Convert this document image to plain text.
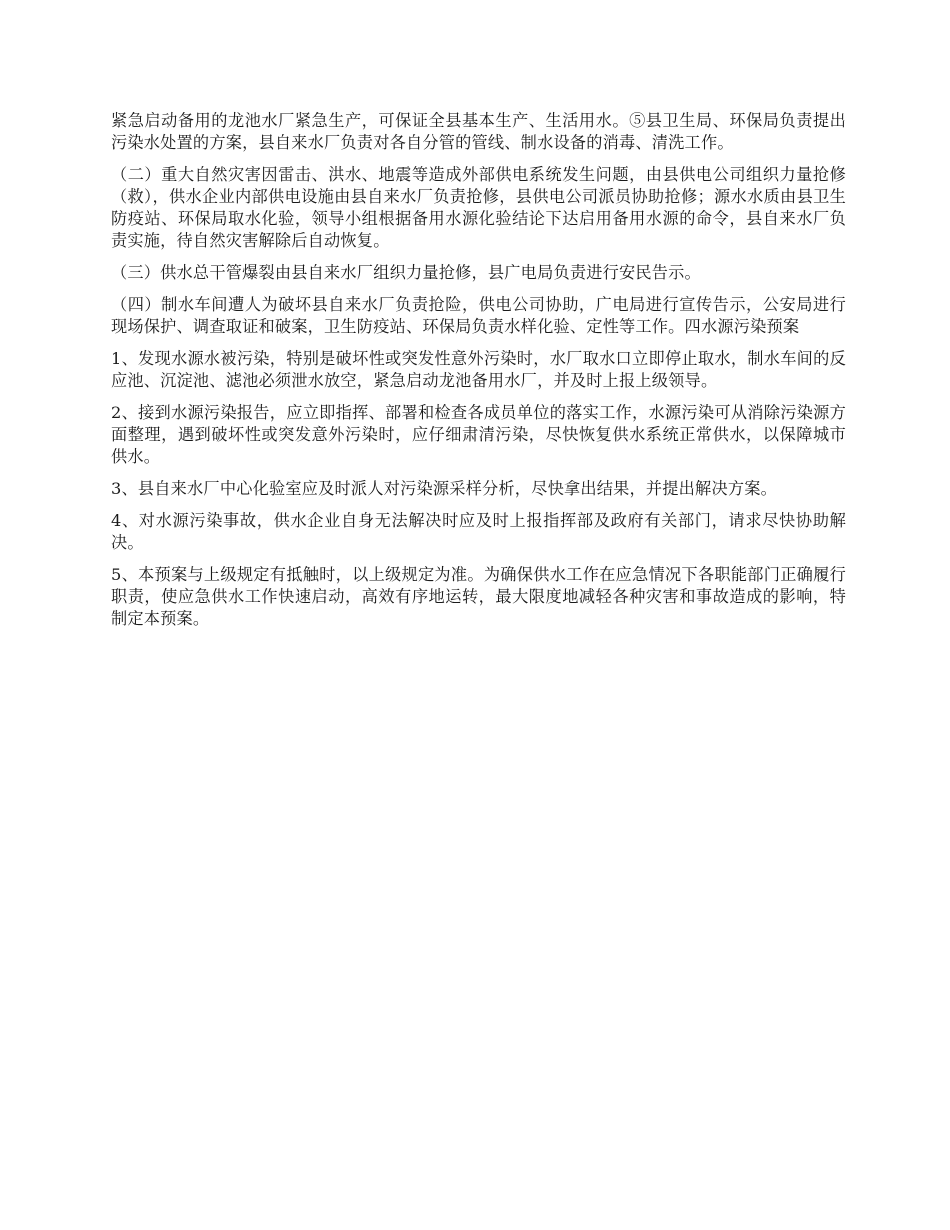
紧急启动备用的龙池水厂紧急生产，可保证全县基本生产、生活用水。⑤县卫生局、环保局负责提出污染水处置的方案，县自来水厂负责对各自分管的管线、制水设备的消毒、清洗工作。

（二）重大自然灾害因雷击、洪水、地震等造成外部供电系统发生问题，由县供电公司组织力量抢修（救），供水企业内部供电设施由县自来水厂负责抢修，县供电公司派员协助抢修；源水水质由县卫生防疫站、环保局取水化验，领导小组根据备用水源化验结论下达启用备用水源的命令，县自来水厂负责实施，待自然灾害解除后自动恢复。

（三）供水总干管爆裂由县自来水厂组织力量抢修，县广电局负责进行安民告示。

（四）制水车间遭人为破坏县自来水厂负责抢险，供电公司协助，广电局进行宣传告示，公安局进行现场保护、调查取证和破案，卫生防疫站、环保局负责水样化验、定性等工作。四水源污染预案

1、发现水源水被污染，特别是破坏性或突发性意外污染时，水厂取水口立即停止取水，制水车间的反应池、沉淀池、滤池必须泄水放空，紧急启动龙池备用水厂，并及时上报上级领导。

2、接到水源污染报告，应立即指挥、部署和检查各成员单位的落实工作，水源污染可从消除污染源方面整理，遇到破坏性或突发意外污染时，应仔细肃清污染，尽快恢复供水系统正常供水，以保障城市供水。

3、县自来水厂中心化验室应及时派人对污染源采样分析，尽快拿出结果，并提出解决方案。

4、对水源污染事故，供水企业自身无法解决时应及时上报指挥部及政府有关部门，请求尽快协助解决。

5、本预案与上级规定有抵触时，以上级规定为准。为确保供水工作在应急情况下各职能部门正确履行职责，使应急供水工作快速启动，高效有序地运转，最大限度地减轻各种灾害和事故造成的影响，特制定本预案。
